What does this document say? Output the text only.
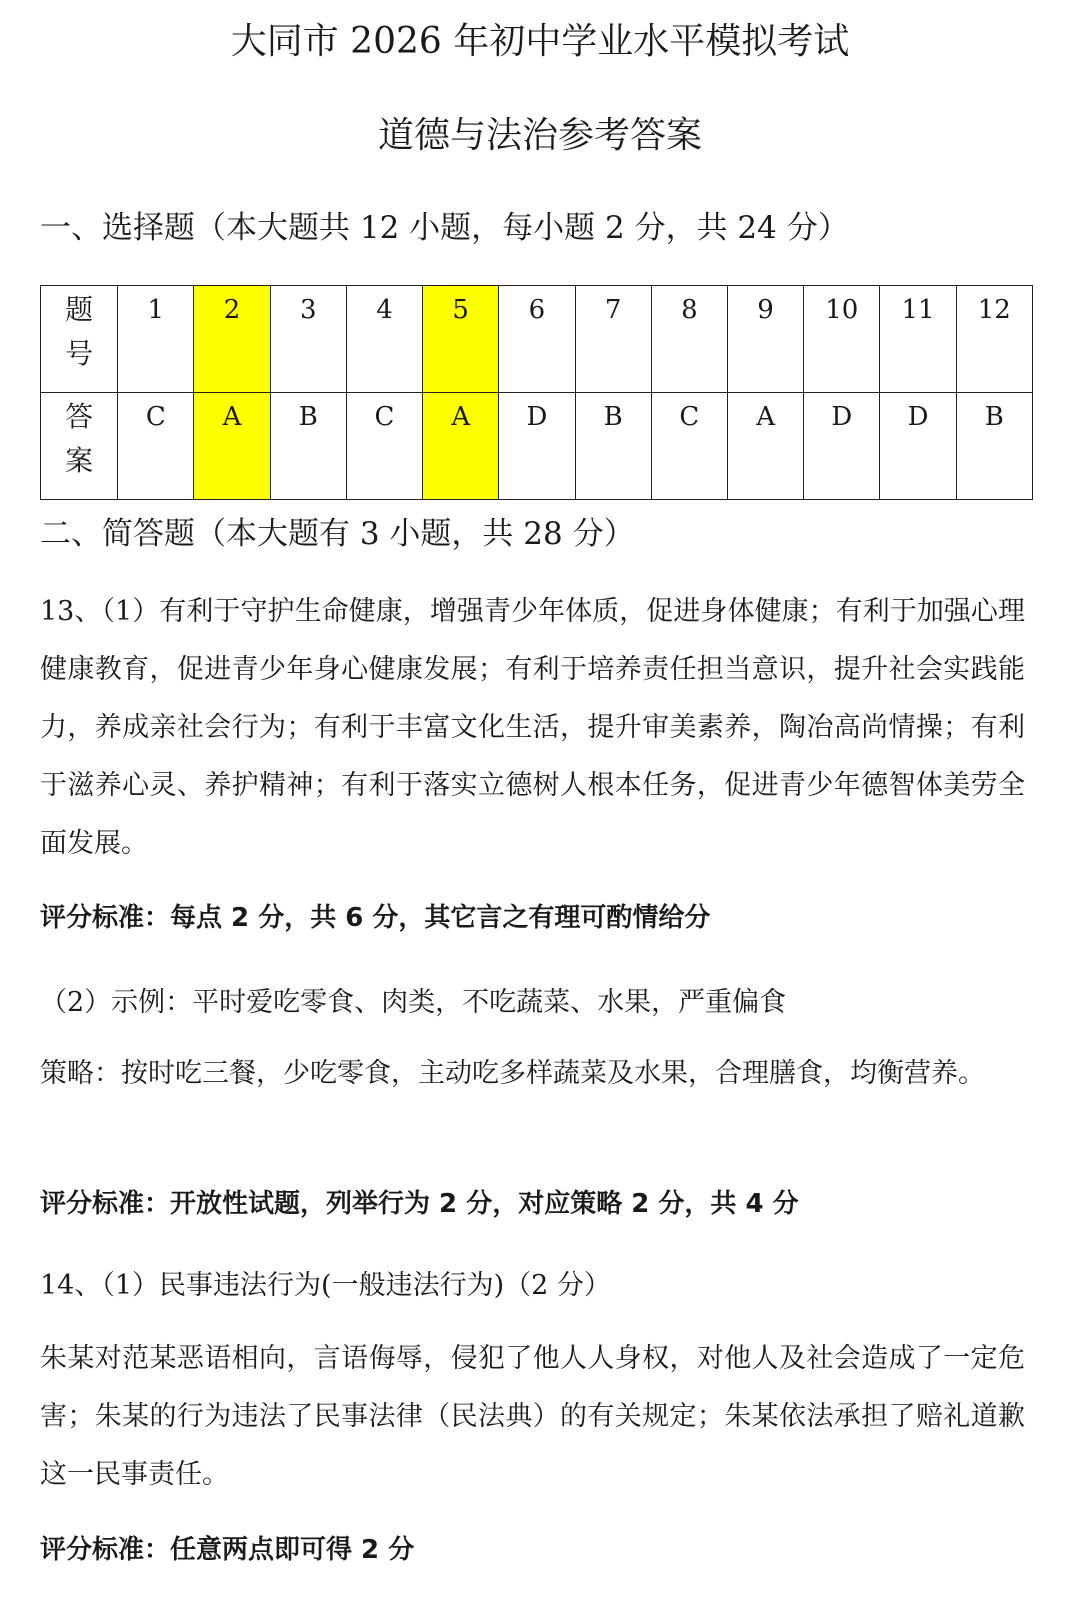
大同市 2026 年初中学业水平模拟考试
道德与法治参考答案
一、选择题（本大题共 12 小题，每小题 2 分，共 24 分）
题
号	1	2	3	4	5	6	7	8	9	10	11	12
答
案	C	A	B	C	A	D	B	C	A	D	D	B
二、简答题（本大题有 3 小题，共 28 分）

13、（1）有利于守护生命健康，增强青少年体质，促进身体健康；有利于加强心理健康教育，促进青少年身心健康发展；有利于培养责任担当意识，提升社会实践能力，养成亲社会行为；有利于丰富文化生活，提升审美素养，陶冶高尚情操；有利于滋养心灵、养护精神；有利于落实立德树人根本任务，促进青少年德智体美劳全面发展。

评分标准：每点 2 分，共 6 分，其它言之有理可酌情给分

（2）示例：平时爱吃零食、肉类，不吃蔬菜、水果，严重偏食

策略：按时吃三餐，少吃零食，主动吃多样蔬菜及水果，合理膳食，均衡营养。

评分标准：开放性试题，列举行为 2 分，对应策略 2 分，共 4 分

14、（1）民事违法行为(一般违法行为)（2 分）

朱某对范某恶语相向，言语侮辱，侵犯了他人人身权，对他人及社会造成了一定危害；朱某的行为违法了民事法律（民法典）的有关规定；朱某依法承担了赔礼道歉这一民事责任。

评分标准：任意两点即可得 2 分
